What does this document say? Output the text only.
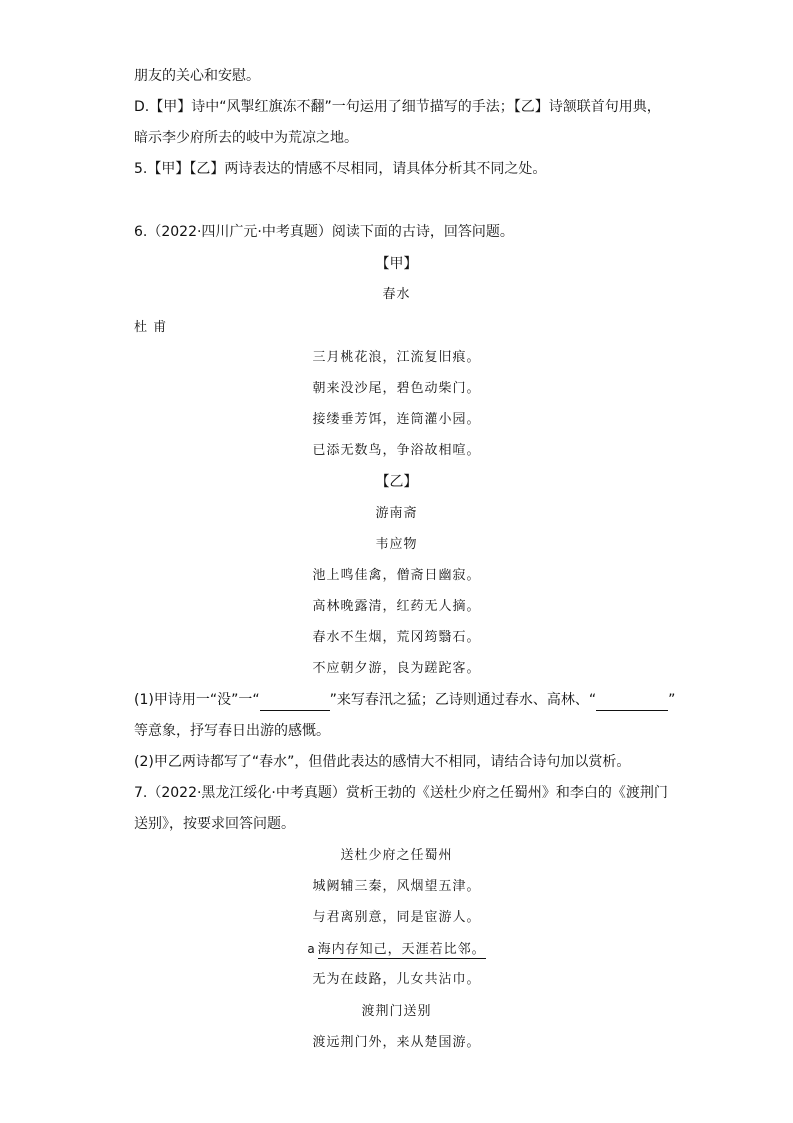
朋友的关心和安慰。
D.【甲】诗中“风掣红旗冻不翻”一句运用了细节描写的手法；【乙】诗颔联首句用典，
暗示李少府所去的岐中为荒凉之地。
5.【甲】【乙】两诗表达的情感不尽相同，请具体分析其不同之处。
6.（2022·四川广元·中考真题）阅读下面的古诗，回答问题。
【甲】
春水
杜 甫
三月桃花浪，江流复旧痕。
朝来没沙尾，碧色动柴门。
接缕垂芳饵，连筒灌小园。
已添无数鸟，争浴故相喧。
【乙】
游南斋
韦应物
池上鸣佳禽，僧斋日幽寂。
高林晚露清，红药无人摘。
春水不生烟，荒冈筠翳石。
不应朝夕游，良为蹉跎客。
(1)甲诗用一“没”一“	”来写春汛之猛；乙诗则通过春水、高林、“	”
等意象，抒写春日出游的感慨。
(2)甲乙两诗都写了“春水”，但借此表达的感情大不相同，请结合诗句加以赏析。
7.（2022·黑龙江绥化·中考真题）赏析王勃的《送杜少府之任蜀州》和李白的《渡荆门
送别》，按要求回答问题。
送杜少府之任蜀州
城阙辅三秦，风烟望五津。
与君离别意，同是宦游人。
a 海内存知己，天涯若比邻。
无为在歧路，儿女共沾巾。
渡荆门送别
渡远荆门外，来从楚国游。
